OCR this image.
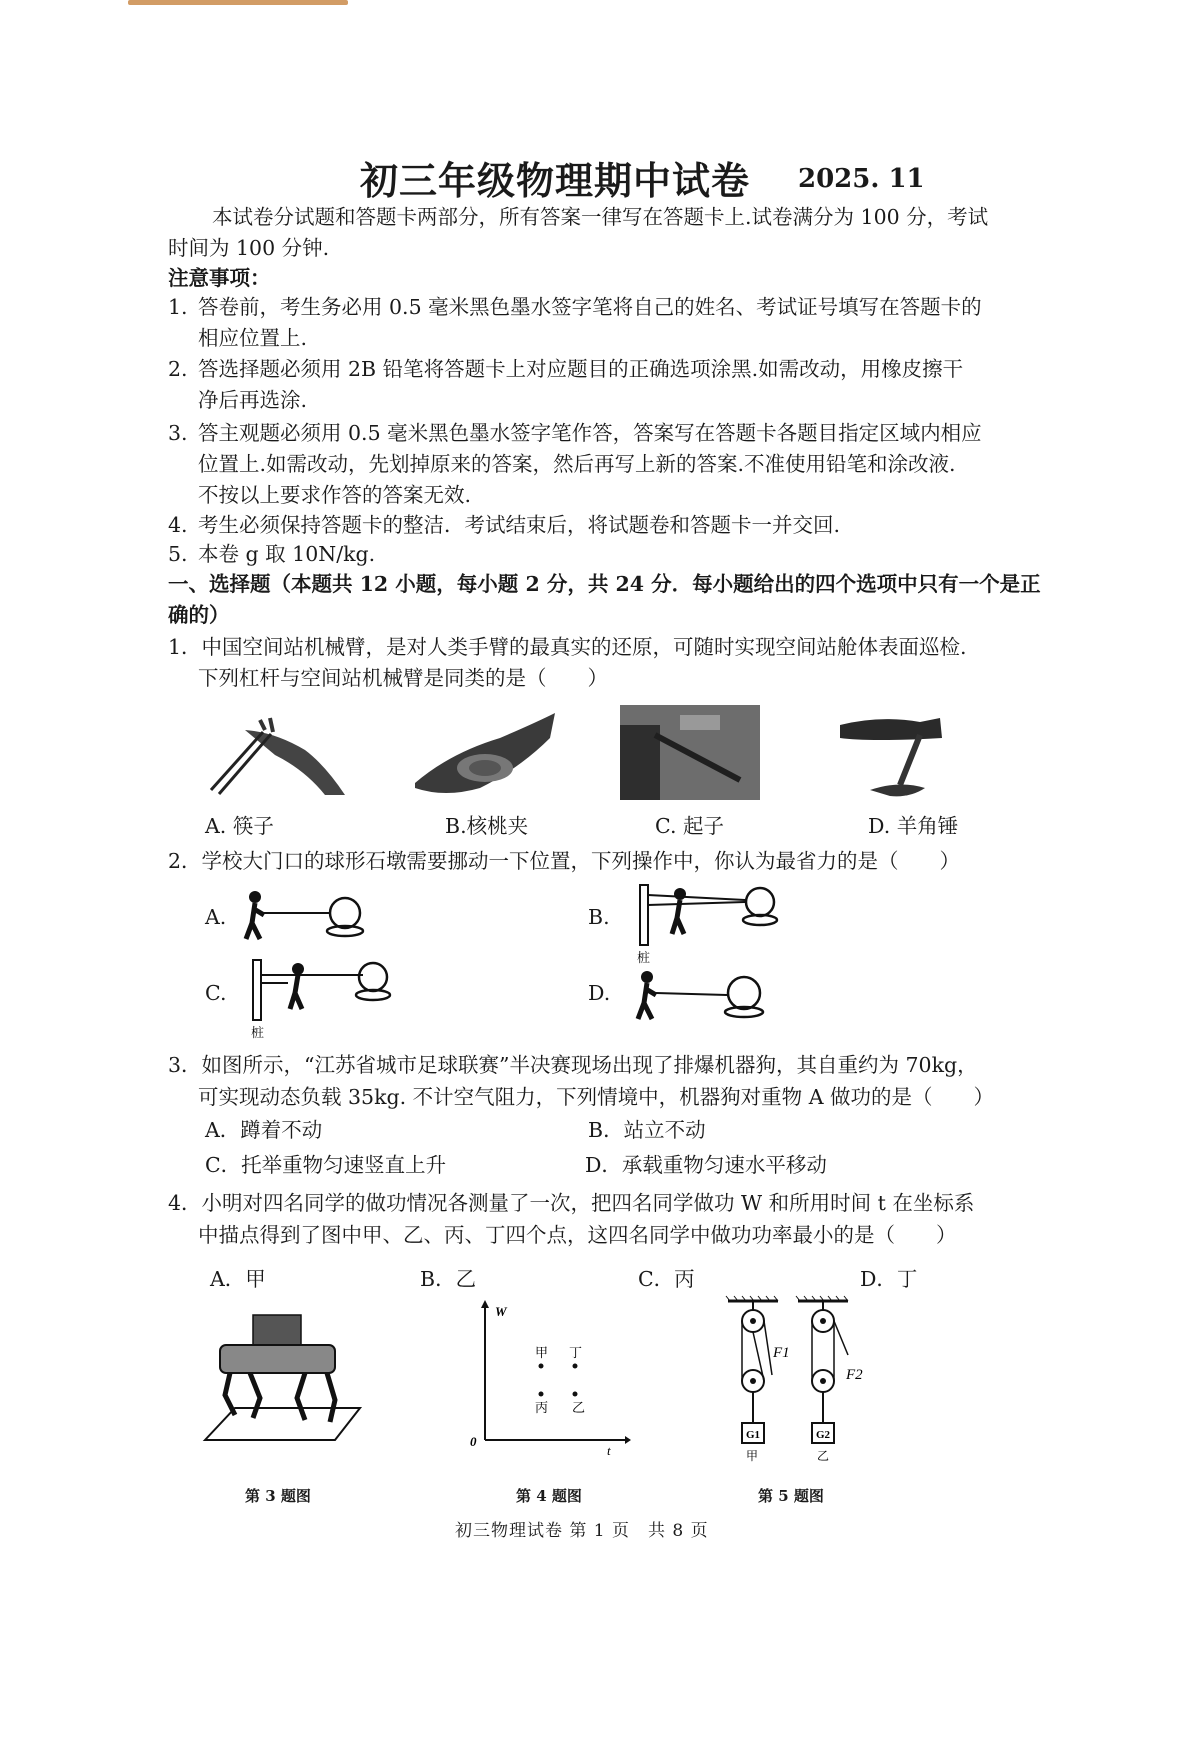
初三年级物理期中试卷 2025. 11
本试卷分试题和答题卡两部分，所有答案一律写在答题卡上.试卷满分为 100 分，考试
时间为 100 分钟.
注意事项：
1. 答卷前，考生务必用 0.5 毫米黑色墨水签字笔将自己的姓名、考试证号填写在答题卡的
相应位置上.
2. 答选择题必须用 2B 铅笔将答题卡上对应题目的正确选项涂黑.如需改动，用橡皮擦干
净后再选涂.
3. 答主观题必须用 0.5 毫米黑色墨水签字笔作答，答案写在答题卡各题目指定区域内相应
位置上.如需改动，先划掉原来的答案，然后再写上新的答案.不准使用铅笔和涂改液.
不按以上要求作答的答案无效.
4. 考生必须保持答题卡的整洁．考试结束后，将试题卷和答题卡一并交回.
5. 本卷 g 取 10N/kg.
一、选择题（本题共 12 小题，每小题 2 分，共 24 分．每小题给出的四个选项中只有一个是正
确的）
1．中国空间站机械臂，是对人类手臂的最真实的还原，可随时实现空间站舱体表面巡检.
下列杠杆与空间站机械臂是同类的是（　　）
A. 筷子	B.核桃夹	C. 起子	D. 羊角锤
2．学校大门口的球形石墩需要挪动一下位置，下列操作中，你认为最省力的是（　　）
A.	B.
桩
C.
桩
D.
3．如图所示，“江苏省城市足球联赛”半决赛现场出现了排爆机器狗，其自重约为 70kg，
可实现动态负载 35kg. 不计空气阻力，下列情境中，机器狗对重物 A 做功的是（　　）
A．蹲着不动	B．站立不动
C．托举重物匀速竖直上升	D．承载重物匀速水平移动
4．小明对四名同学的做功情况各测量了一次，把四名同学做功 W 和所用时间 t 在坐标系
中描点得到了图中甲、乙、丙、丁四个点，这四名同学中做功功率最小的是（　　）
A．甲	B．乙	C．丙	D．丁
第 3 题图
W
t
0
甲 丁
丙 乙
第 4 题图
F1
G1
甲
F2
G2
乙
第 5 题图
初三物理试卷 第 1 页　共 8 页
